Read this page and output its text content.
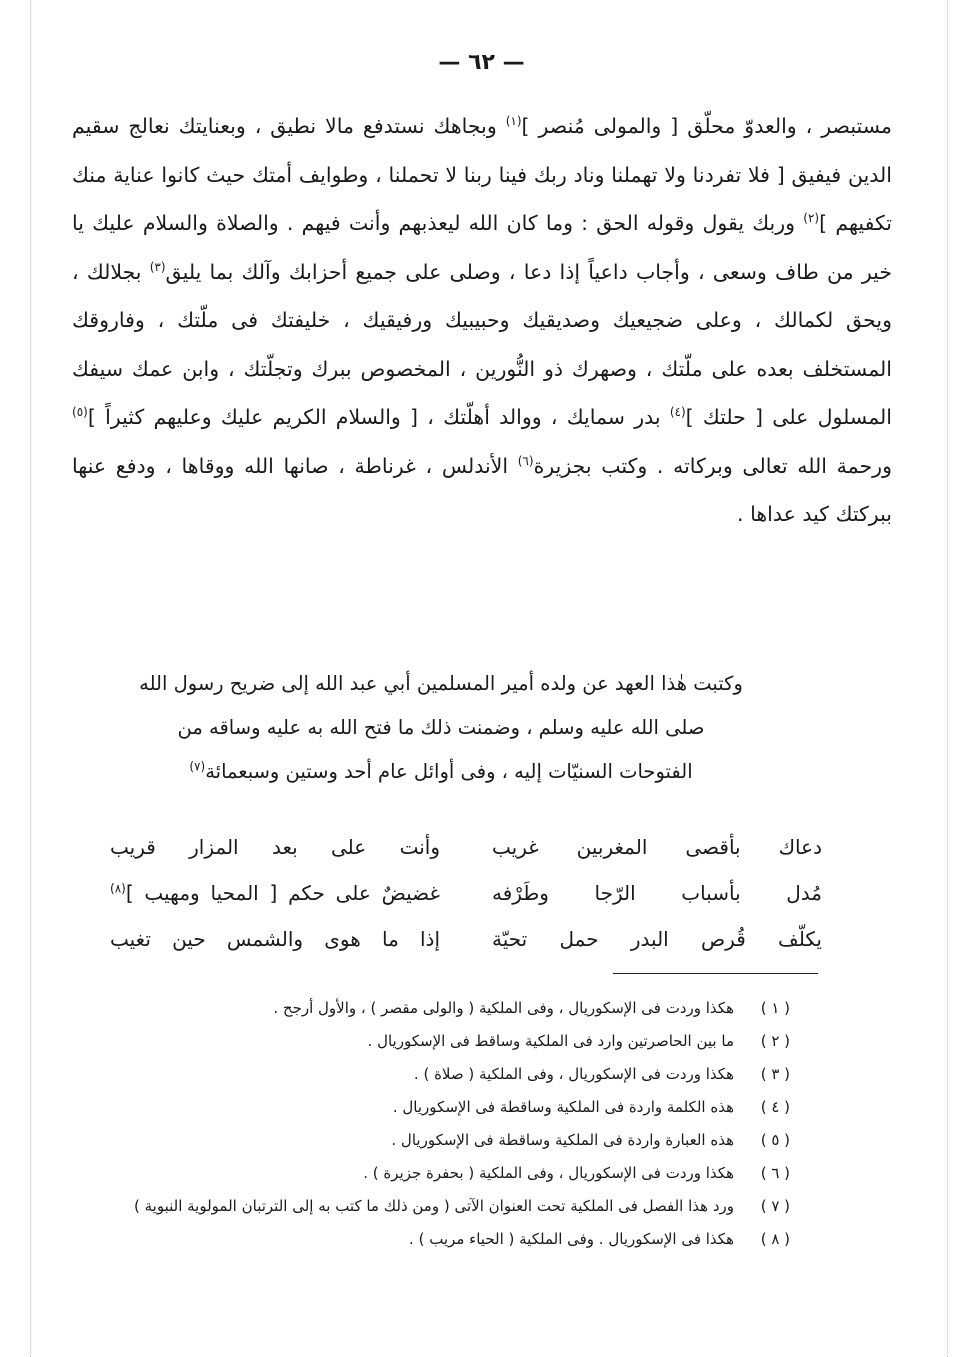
— ٦٢ —

مستبصر ، والعدوّ محلّق [ والمولى مُنصر ]$^{(١)}$ وبجاهك نستدفع مالا نطيق ، وبعنايتك نعالج سقيم الدين فيفيق [ فلا تفردنا ولا تهملنا وناد ربك فينا ربنا لا تحملنا ، وطوايف أمتك حيث كانوا عناية منك تكفيهم ]$^{(٢)}$ وربك يقول وقوله الحق : وما كان الله ليعذبهم وأنت فيهم . والصلاة والسلام عليك يا خير من طاف وسعى ، وأجاب داعياً إذا دعا ، وصلى على جميع أحزابك وآلك بما يليق$^{(٣)}$ بجلالك ، ويحق لكمالك ، وعلى ضجيعيك وصديقيك وحبيبيك ورفيقيك ، خليفتك فى ملّتك ، وفاروقك المستخلف بعده على ملّتك ، وصهرك ذو النُّورين ، المخصوص ببرك وتجلّتك ، وابن عمك سيفك المسلول على [ حلتك ]$^{(٤)}$ بدر سمايك ، ووالد أهلّتك ، [ والسلام الكريم عليك وعليهم كثيراً ]$^{(٥)}$ ورحمة الله تعالى وبركاته . وكتب بجزيرة$^{(٦)}$ الأندلس ، غرناطة ، صانها الله ووقاها ، ودفع عنها ببركتك كيد عداها .

وكتبت هٰذا العهد عن ولده أمير المسلمين أبي عبد الله إلى ضريح رسول الله

صلى الله عليه وسلم ، وضمنت ذلك ما فتح الله به عليه وساقه من

الفتوحات السنيّات إليه ، وفى أوائل عام أحد وستين وسبعمائة$^{(٧)}$

دعاك بأقصى المغربين غريب
وأنت على بعد المزار قريب
مُدل بأسباب الرّجا وطَرْفه
غضيضٌ على حكم [ المحيا ومهيب ]$^{(٨)}$
يكلّف قُرص البدر حمل تحيّة
إذا ما هوى والشمس حين تغيب
( ١ )
هكذا وردت فى الإسكوريال ، وفى الملكية ( والولى مقصر ) ، والأول أرجح .
( ٢ )
ما بين الحاصرتين وارد فى الملكية وساقط فى الإسكوريال .
( ٣ )
هكذا وردت فى الإسكوريال ، وفى الملكية ( صلاة ) .
( ٤ )
هذه الكلمة واردة فى الملكية وساقطة فى الإسكوريال .
( ٥ )
هذه العبارة واردة فى الملكية وساقطة فى الإسكوريال .
( ٦ )
هكذا وردت فى الإسكوريال ، وفى الملكية ( بحفرة جزيرة ) .
( ٧ )
ورد هذا الفصل فى الملكية تحت العنوان الآتى ( ومن ذلك ما كتب به إلى الترتبان المولوية النبوية )
( ٨ )
هكذا فى الإسكوريال . وفى الملكية ( الحياء مريب ) .
